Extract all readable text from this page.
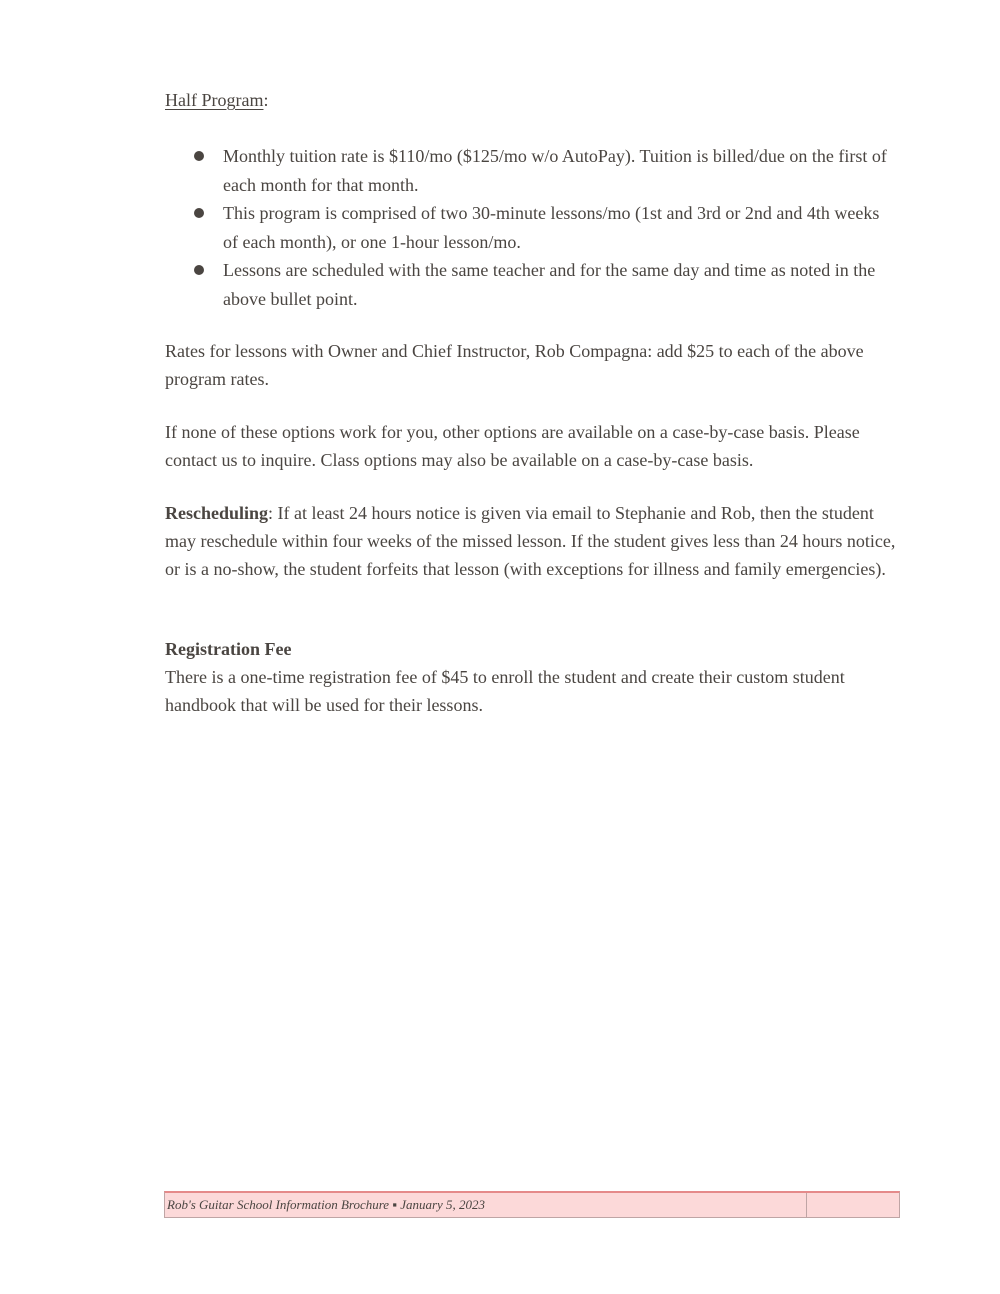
Half Program:
Monthly tuition rate is $110/mo ($125/mo w/o AutoPay). Tuition is billed/due on the first of each month for that month.
This program is comprised of two 30-minute lessons/mo (1st and 3rd or 2nd and 4th weeks of each month), or one 1-hour lesson/mo.
Lessons are scheduled with the same teacher and for the same day and time as noted in the above bullet point.

Rates for lessons with Owner and Chief Instructor, Rob Compagna: add $25 to each of the above program rates.

If none of these options work for you, other options are available on a case-by-case basis. Please contact us to inquire. Class options may also be available on a case-by-case basis.

Rescheduling: If at least 24 hours notice is given via email to Stephanie and Rob, then the student may reschedule within four weeks of the missed lesson. If the student gives less than 24 hours notice, or is a no-show, the student forfeits that lesson (with exceptions for illness and family emergencies).

Registration Fee

There is a one-time registration fee of $45 to enroll the student and create their custom student handbook that will be used for their lessons.

Rob's Guitar School Information Brochure ▪ January 5, 2023
